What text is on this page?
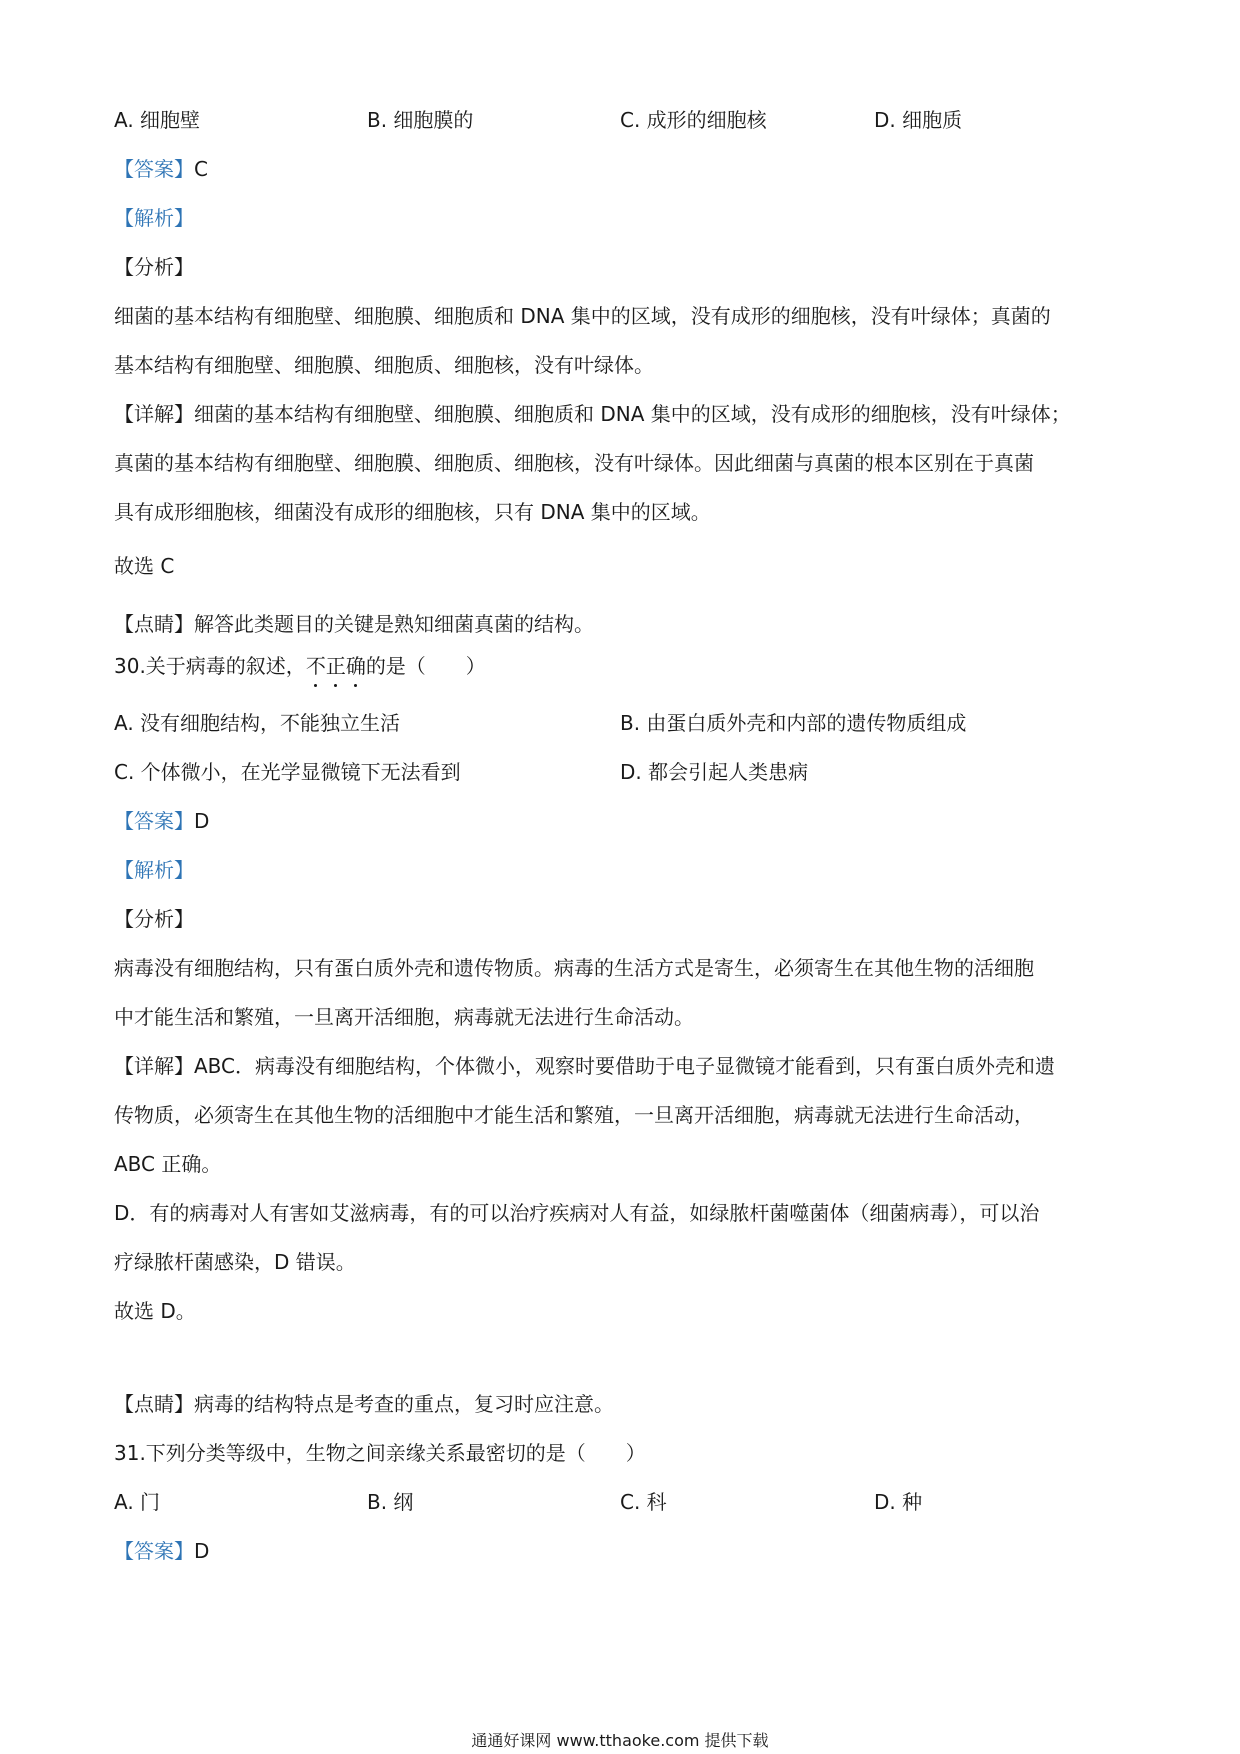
A. 细胞壁	B. 细胞膜的	C. 成形的细胞核	D. 细胞质
【答案】C
【解析】
【分析】
细菌的基本结构有细胞壁、细胞膜、细胞质和 DNA 集中的区域，没有成形的细胞核，没有叶绿体；真菌的
基本结构有细胞壁、细胞膜、细胞质、细胞核，没有叶绿体。
【详解】细菌的基本结构有细胞壁、细胞膜、细胞质和 DNA 集中的区域，没有成形的细胞核，没有叶绿体；
真菌的基本结构有细胞壁、细胞膜、细胞质、细胞核，没有叶绿体。因此细菌与真菌的根本区别在于真菌
具有成形细胞核，细菌没有成形的细胞核，只有 DNA 集中的区域。
故选 C
【点睛】解答此类题目的关键是熟知细菌真菌的结构。
30.关于病毒的叙述，不正确的是（　　）
A. 没有细胞结构，不能独立生活	B. 由蛋白质外壳和内部的遗传物质组成
C. 个体微小，在光学显微镜下无法看到	D. 都会引起人类患病
【答案】D
【解析】
【分析】
病毒没有细胞结构，只有蛋白质外壳和遗传物质。病毒的生活方式是寄生，必须寄生在其他生物的活细胞
中才能生活和繁殖，一旦离开活细胞，病毒就无法进行生命活动。
【详解】ABC．病毒没有细胞结构，个体微小，观察时要借助于电子显微镜才能看到，只有蛋白质外壳和遗
传物质，必须寄生在其他生物的活细胞中才能生活和繁殖，一旦离开活细胞，病毒就无法进行生命活动，
ABC 正确。
D．有的病毒对人有害如艾滋病毒，有的可以治疗疾病对人有益，如绿脓杆菌噬菌体（细菌病毒），可以治
疗绿脓杆菌感染，D 错误。
故选 D。
【点睛】病毒的结构特点是考查的重点，复习时应注意。
31.下列分类等级中，生物之间亲缘关系最密切的是（　　）
A. 门	B. 纲	C. 科	D. 种
【答案】D
通通好课网 www.tthaoke.com 提供下载
